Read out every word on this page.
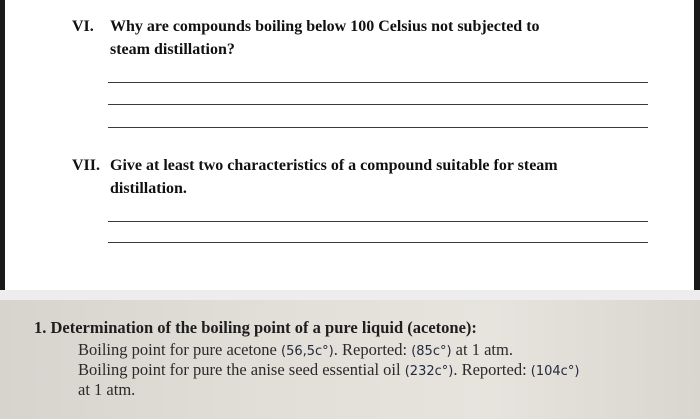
VI. Why are compounds boiling below 100 Celsius not subjected to
steam distillation?
VII. Give at least two characteristics of a compound suitable for steam
distillation.
1. Determination of the boiling point of a pure liquid (acetone):
Boiling point for pure acetone (56,5c°). Reported: (85c°) at 1 atm.
Boiling point for pure the anise seed essential oil (232c°). Reported: (104c°)
at 1 atm.
